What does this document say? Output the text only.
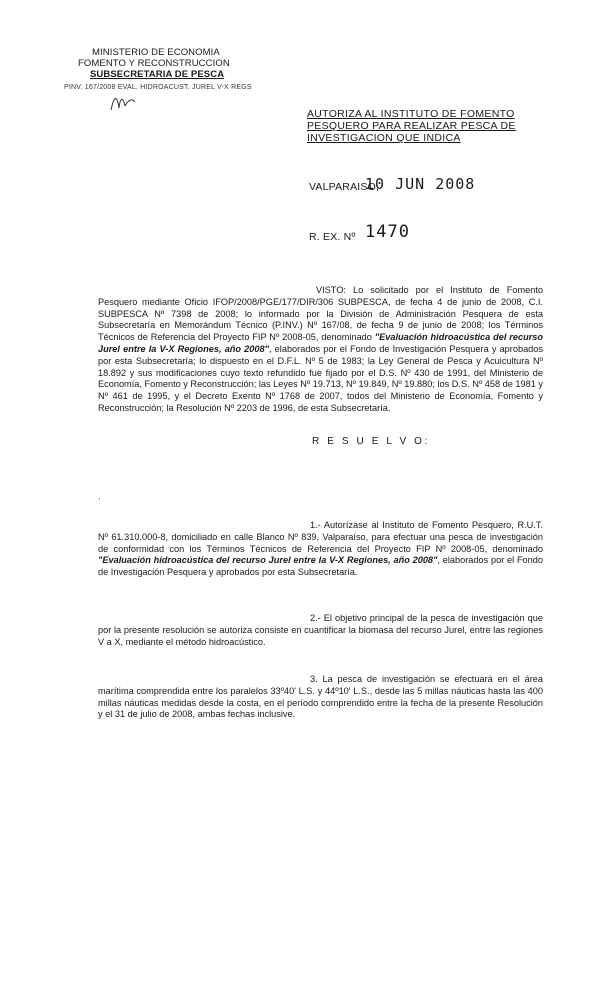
MINISTERIO DE ECONOMIA
FOMENTO Y RECONSTRUCCION
SUBSECRETARIA DE PESCA
PINV. 167/2008 EVAL. HIDROACUST. JUREL V-X REGS
AUTORIZA AL INSTITUTO DE FOMENTO PESQUERO PARA REALIZAR PESCA DE INVESTIGACION QUE INDICA
VALPARAISO,
10 JUN 2008
R. EX. Nº 1470
VISTO: Lo solicitado por el Instituto de Fomento Pesquero mediante Oficio IFOP/2008/PGE/177/DIR/306 SUBPESCA, de fecha 4 de junio de 2008, C.I. SUBPESCA Nº 7398 de 2008; lo informado por la División de Administración Pesquera de esta Subsecretaría en Memorándum Técnico (P.INV.) Nº 167/08, de fecha 9 de junio de 2008; los Términos Técnicos de Referencia del Proyecto FIP Nº 2008-05, denominado "Evaluación hidroacústica del recurso Jurel entre la V-X Regiones, año 2008", elaborados por el Fondo de Investigación Pesquera y aprobados por esta Subsecretaría; lo dispuesto en el D.F.L. Nº 5 de 1983; la Ley General de Pesca y Acuicultura Nº 18.892 y sus modificaciones cuyo texto refundido fue fijado por el D.S. Nº 430 de 1991, del Ministerio de Economía, Fomento y Reconstrucción; las Leyes Nº 19.713, Nº 19.849, Nº 19.880; los D.S. Nº 458 de 1981 y Nº 461 de 1995, y el Decreto Exento Nº 1768 de 2007, todos del Ministerio de Economía, Fomento y Reconstrucción; la Resolución Nº 2203 de 1996, de esta Subsecretaría.
R E S U E L V O:
'
1.- Autorízase al Instituto de Fomento Pesquero, R.U.T. Nº 61.310.000-8, domiciliado en calle Blanco Nº 839, Valparaíso, para efectuar una pesca de investigación de conformidad con los Términos Técnicos de Referencia del Proyecto FIP Nº 2008-05, denominado "Evaluación hidroacústica del recurso Jurel entre la V-X Regiones, año 2008", elaborados por el Fondo de Investigación Pesquera y aprobados por esta Subsecretaría.
2.- El objetivo principal de la pesca de investigación que por la presente resolución se autoriza consiste en cuantificar la biomasa del recurso Jurel, entre las regiones V a X, mediante el método hidroacústico.
3. La pesca de investigación se efectuará en el área marítima comprendida entre los paralelos 33º40' L.S. y 44º10' L.S., desde las 5 millas náuticas hasta las 400 millas náuticas medidas desde la costa, en el período comprendido entre la fecha de la presente Resolución y el 31 de julio de 2008, ambas fechas inclusive.
